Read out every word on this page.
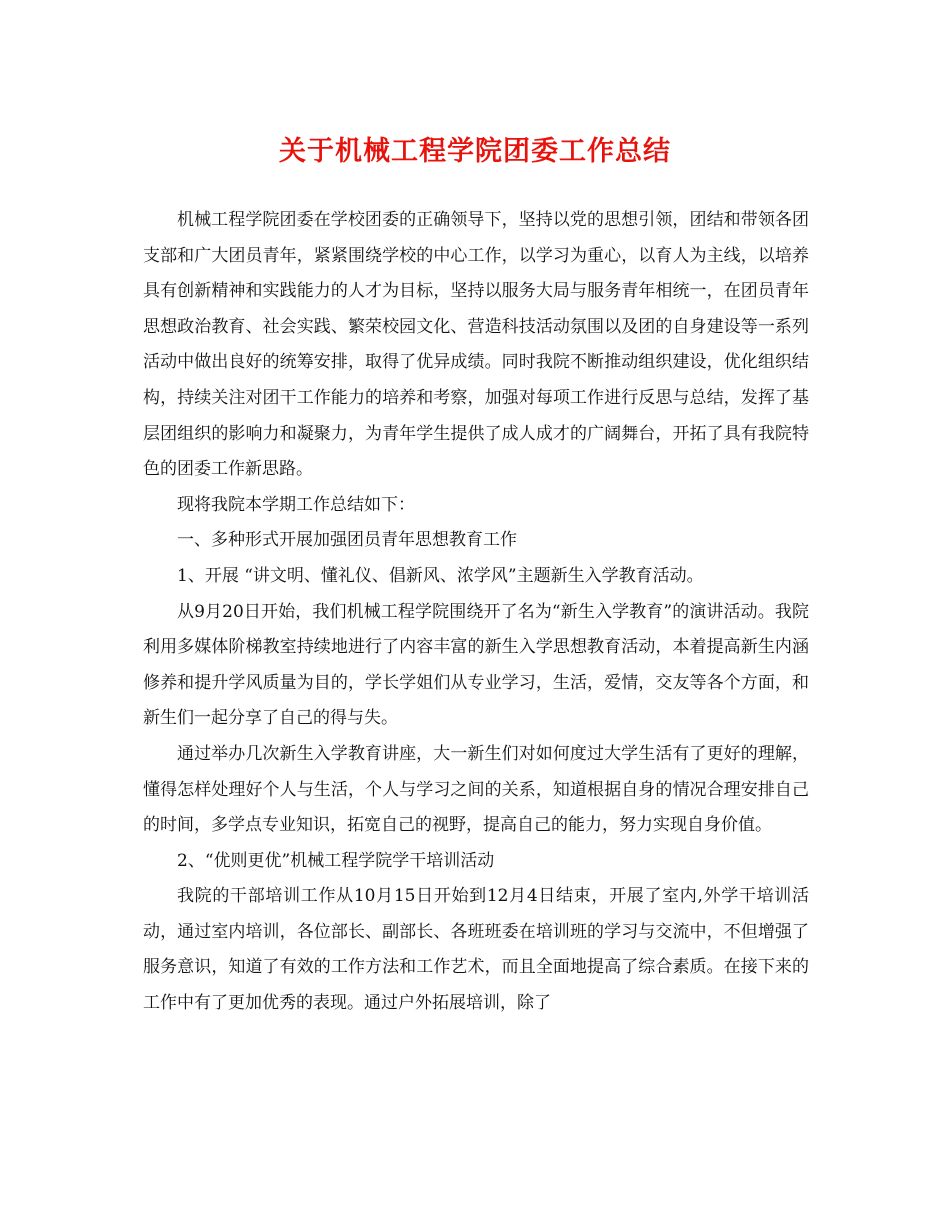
关于机械工程学院团委工作总结

机械工程学院团委在学校团委的正确领导下，坚持以党的思想引领，团结和带领各团支部和广大团员青年，紧紧围绕学校的中心工作，以学习为重心，以育人为主线，以培养具有创新精神和实践能力的人才为目标，坚持以服务大局与服务青年相统一，在团员青年思想政治教育、社会实践、繁荣校园文化、营造科技活动氛围以及团的自身建设等一系列活动中做出良好的统筹安排，取得了优异成绩。同时我院不断推动组织建设，优化组织结构，持续关注对团干工作能力的培养和考察，加强对每项工作进行反思与总结，发挥了基层团组织的影响力和凝聚力，为青年学生提供了成人成才的广阔舞台，开拓了具有我院特色的团委工作新思路。

现将我院本学期工作总结如下：

一、多种形式开展加强团员青年思想教育工作

1、开展 “讲文明、懂礼仪、倡新风、浓学风”主题新生入学教育活动。

从9月20日开始，我们机械工程学院围绕开了名为“新生入学教育”的演讲活动。我院利用多媒体阶梯教室持续地进行了内容丰富的新生入学思想教育活动，本着提高新生内涵修养和提升学风质量为目的，学长学姐们从专业学习，生活，爱情，交友等各个方面，和新生们一起分享了自己的得与失。

通过举办几次新生入学教育讲座，大一新生们对如何度过大学生活有了更好的理解，懂得怎样处理好个人与生活，个人与学习之间的关系，知道根据自身的情况合理安排自己的时间，多学点专业知识，拓宽自己的视野，提高自己的能力，努力实现自身价值。

2、“优则更优”机械工程学院学干培训活动

我院的干部培训工作从10月15日开始到12月4日结束，开展了室内,外学干培训活动，通过室内培训，各位部长、副部长、各班班委在培训班的学习与交流中，不但增强了服务意识，知道了有效的工作方法和工作艺术，而且全面地提高了综合素质。在接下来的工作中有了更加优秀的表现。通过户外拓展培训，除了
